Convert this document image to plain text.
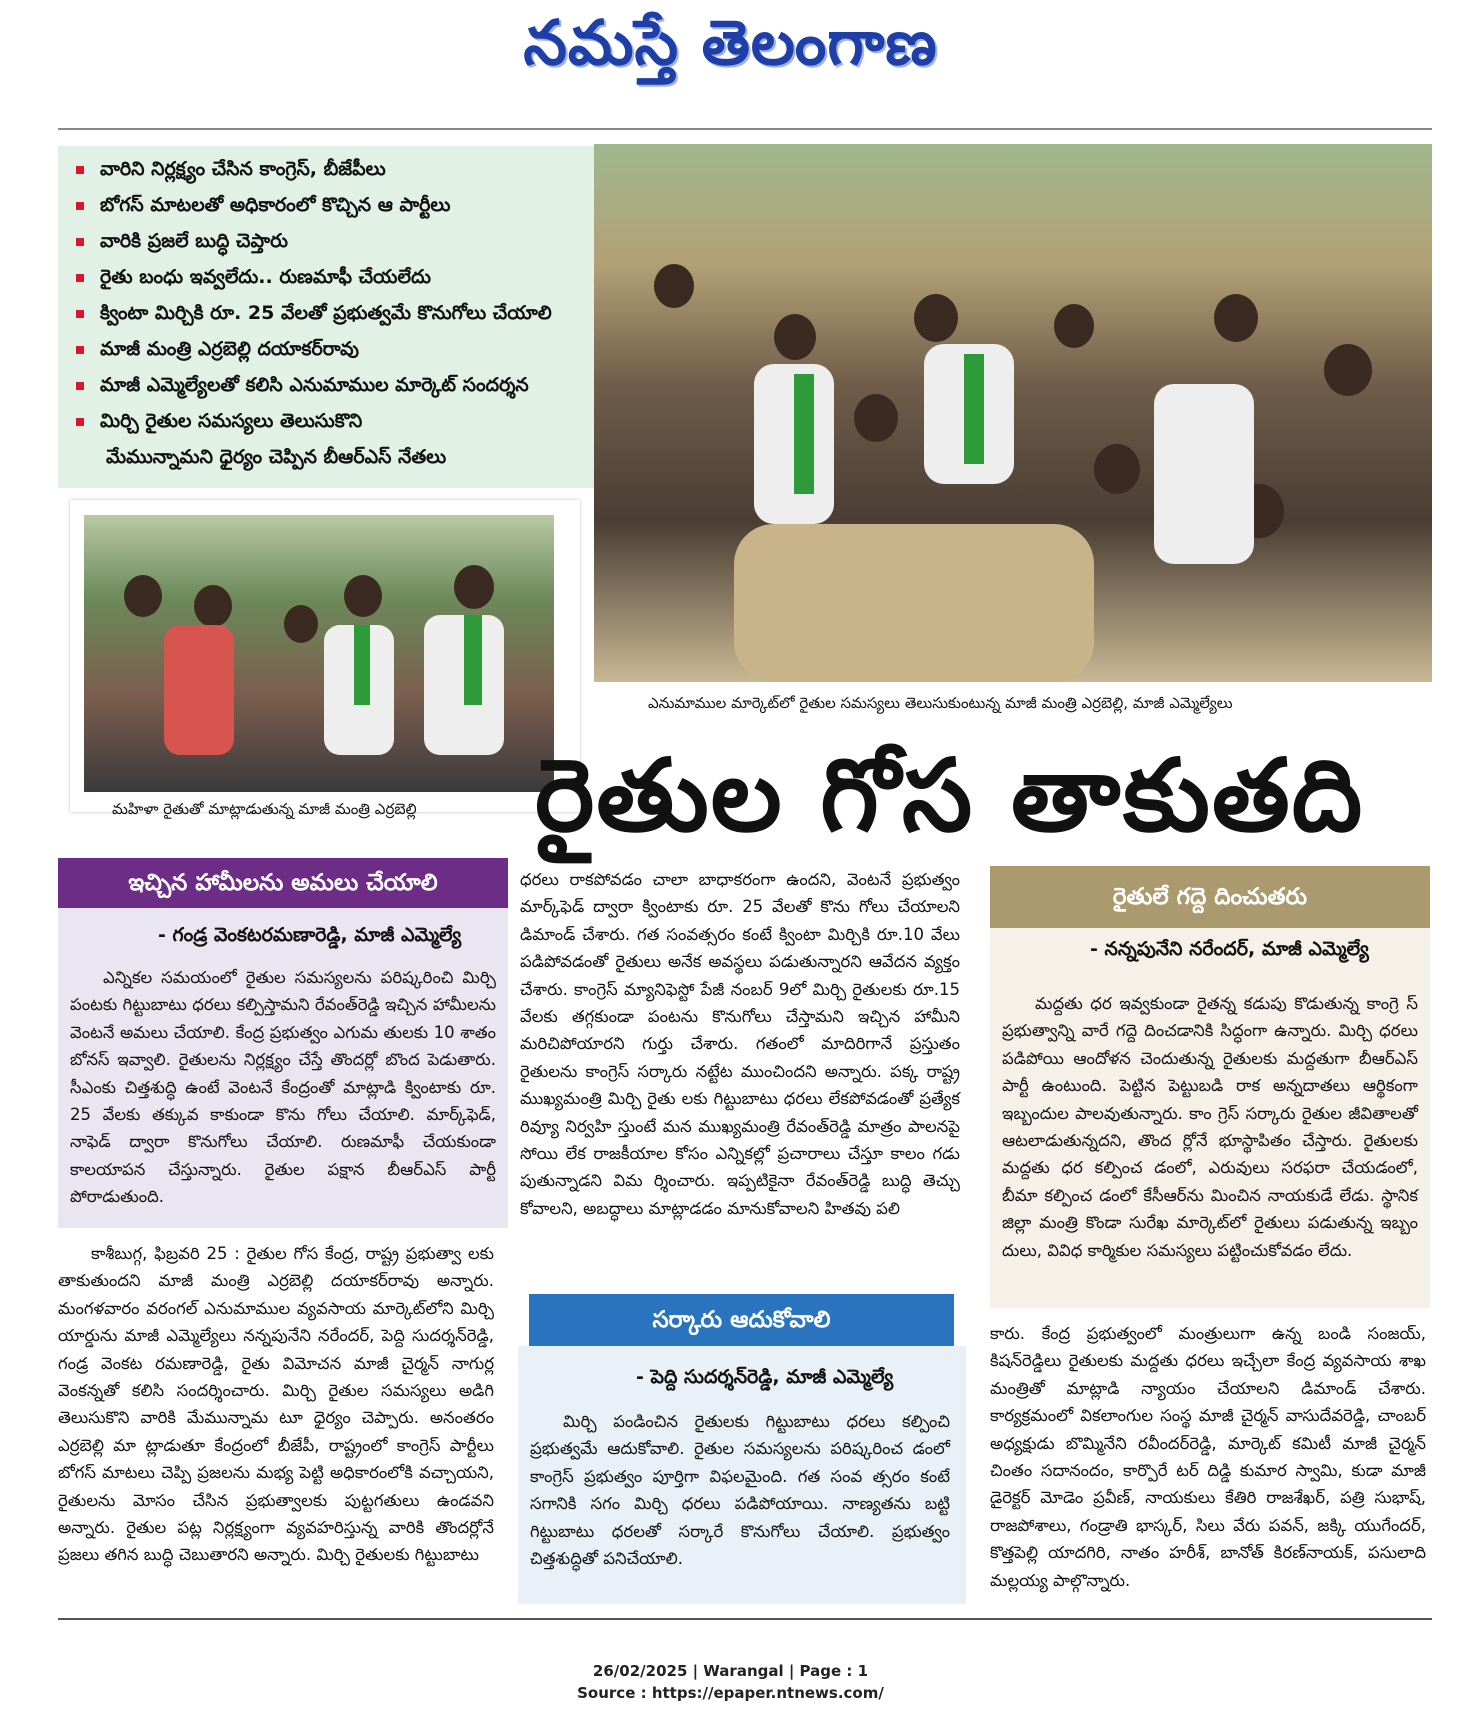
నమస్తే తెలంగాణ
వారిని నిర్లక్ష్యం చేసిన కాంగ్రెస్, బీజేపీలు
బోగస్ మాటలతో అధికారంలో కొచ్చిన ఆ పార్టీలు
వారికి ప్రజలే బుద్ధి చెప్తారు
రైతు బంధు ఇవ్వలేదు.. రుణమాఫీ చేయలేదు
క్వింటా మిర్చికి రూ. 25 వేలతో ప్రభుత్వమే కొనుగోలు చేయాలి
మాజీ మంత్రి ఎర్రబెల్లి దయాకర్‌రావు
మాజీ ఎమ్మెల్యేలతో కలిసి ఎనుమాముల మార్కెట్ సందర్శన
మిర్చి రైతుల సమస్యలు తెలుసుకొని
మేమున్నామని ధైర్యం చెప్పిన బీఆర్‌ఎస్ నేతలు
ఎనుమాముల మార్కెట్‌లో రైతుల సమస్యలు తెలుసుకుంటున్న మాజీ మంత్రి ఎర్రబెల్లి, మాజీ ఎమ్మెల్యేలు
మహిళా రైతుతో మాట్లాడుతున్న మాజీ మంత్రి ఎర్రబెల్లి రైతుల గోస తాకుతది
ఇచ్చిన హామీలను అమలు చేయాలి
- గండ్ర వెంకటరమణారెడ్డి, మాజీ ఎమ్మెల్యే
ఎన్నికల సమయంలో రైతుల సమస్యలను పరిష్కరించి మిర్చి పంటకు గిట్టుబాటు ధరలు కల్పిస్తామని రేవంత్‌రెడ్డి ఇచ్చిన హామీలను వెంటనే అమలు చేయాలి. కేంద్ర ప్రభుత్వం ఎగుమ తులకు 10 శాతం బోనస్ ఇవ్వాలి. రైతులను నిర్లక్ష్యం చేస్తే తొందర్లో బొంద పెడుతారు. సీఎంకు చిత్తశుద్ధి ఉంటే వెంటనే కేంద్రంతో మాట్లాడి క్వింటాకు రూ. 25 వేలకు తక్కువ కాకుండా కొను గోలు చేయాలి. మార్క్‌ఫెడ్, నాఫెడ్ ద్వారా కొనుగోలు చేయాలి. రుణమాఫీ చేయకుండా కాలయాపన చేస్తున్నారు. రైతుల పక్షాన బీఆర్‌ఎస్ పార్టీ పోరాడుతుంది.
కాశీబుగ్గ, ఫిబ్రవరి 25 : రైతుల గోస కేంద్ర, రాష్ట్ర ప్రభుత్వా లకు తాకుతుందని మాజీ మంత్రి ఎర్రబెల్లి దయాకర్‌రావు అన్నారు. మంగళవారం వరంగల్ ఎనుమాముల వ్యవసాయ మార్కెట్‌లోని మిర్చి యార్డును మాజీ ఎమ్మెల్యేలు నన్నపునేని నరేందర్, పెద్ది సుదర్శన్‌రెడ్డి, గండ్ర వెంకట రమణారెడ్డి, రైతు విమోచన మాజీ చైర్మన్ నాగుర్ల వెంకన్నతో కలిసి సందర్శించారు. మిర్చి రైతుల సమస్యలు అడిగి తెలుసుకొని వారికి మేమున్నామ టూ ధైర్యం చెప్పారు. అనంతరం ఎర్రబెల్లి మా ట్లాడుతూ కేంద్రంలో బీజేపీ, రాష్ట్రంలో కాంగ్రెస్ పార్టీలు బోగస్ మాటలు చెప్పి ప్రజలను మభ్య పెట్టి అధికారంలోకి వచ్చాయని, రైతులను మోసం చేసిన ప్రభుత్వాలకు పుట్టగతులు ఉండవని అన్నారు. రైతుల పట్ల నిర్లక్ష్యంగా వ్యవహరిస్తున్న వారికి తొందర్లోనే ప్రజలు తగిన బుద్ధి చెబుతారని అన్నారు. మిర్చి రైతులకు గిట్టుబాటు
ధరలు రాకపోవడం చాలా బాధాకరంగా ఉందని, వెంటనే ప్రభుత్వం మార్క్‌ఫెడ్ ద్వారా క్వింటాకు రూ. 25 వేలతో కొను గోలు చేయాలని డిమాండ్ చేశారు. గత సంవత్సరం కంటే క్వింటా మిర్చికి రూ.10 వేలు పడిపోవడంతో రైతులు అనేక అవస్థలు పడుతున్నారని ఆవేదన వ్యక్తం చేశారు. కాంగ్రెస్ మ్యానిఫెస్టో పేజీ నంబర్ 9లో మిర్చి రైతులకు రూ.15 వేలకు తగ్గకుండా పంటను కొనుగోలు చేస్తామని ఇచ్చిన హామీని మరిచిపోయారని గుర్తు చేశారు. గతంలో మాదిరిగానే ప్రస్తుతం రైతులను కాంగ్రెస్ సర్కారు నట్టేట ముంచిందని అన్నారు. పక్క రాష్ట్ర ముఖ్యమంత్రి మిర్చి రైతు లకు గిట్టుబాటు ధరలు లేకపోవడంతో ప్రత్యేక రివ్యూ నిర్వహి స్తుంటే మన ముఖ్యమంత్రి రేవంత్‌రెడ్డి మాత్రం పాలనపై సోయి లేక రాజకీయాల కోసం ఎన్నికల్లో ప్రచారాలు చేస్తూ కాలం గడు పుతున్నాడని విమ ర్శించారు. ఇప్పటికైనా రేవంత్‌రెడ్డి బుద్ధి తెచ్చు కోవాలని, అబద్ధాలు మాట్లాడడం మానుకోవాలని హితవు పలి
సర్కారు ఆదుకోవాలి
- పెద్ది సుదర్శన్‌రెడ్డి, మాజీ ఎమ్మెల్యే
మిర్చి పండించిన రైతులకు గిట్టుబాటు ధరలు కల్పించి ప్రభుత్వమే ఆదుకోవాలి. రైతుల సమస్యలను పరిష్కరించ డంలో కాంగ్రెస్ ప్రభుత్వం పూర్తిగా విఫలమైంది. గత సంవ త్సరం కంటే సగానికి సగం మిర్చి ధరలు పడిపోయాయి. నాణ్యతను బట్టి గిట్టుబాటు ధరలతో సర్కారే కొనుగోలు చేయాలి. ప్రభుత్వం చిత్తశుద్ధితో పనిచేయాలి.
రైతులే గద్దె దించుతరు
- నన్నపునేని నరేందర్, మాజీ ఎమ్మెల్యే
మద్దతు ధర ఇవ్వకుండా రైతన్న కడుపు కొడుతున్న కాంగ్రె స్ ప్రభుత్వాన్ని వారే గద్దె దించడానికి సిద్ధంగా ఉన్నారు. మిర్చి ధరలు పడిపోయి ఆందోళన చెందుతున్న రైతులకు మద్దతుగా బీఆర్‌ఎస్ పార్టీ ఉంటుంది. పెట్టిన పెట్టుబడి రాక అన్నదాతలు ఆర్థికంగా ఇబ్బందుల పాలవుతున్నారు. కాం గ్రెస్ సర్కారు రైతుల జీవితాలతో ఆటలాడుతున్నదని, తొంద ర్లోనే భూస్థాపితం చేస్తారు. రైతులకు మద్దతు ధర కల్పించ డంలో, ఎరువులు సరఫరా చేయడంలో, బీమా కల్పించ డంలో కేసీఆర్‌ను మించిన నాయకుడే లేడు. స్థానిక జిల్లా మంత్రి కొండా సురేఖ మార్కెట్‌లో రైతులు పడుతున్న ఇబ్బం దులు, వివిధ కార్మికుల సమస్యలు పట్టించుకోవడం లేదు.
కారు. కేంద్ర ప్రభుత్వంలో మంత్రులుగా ఉన్న బండి సంజయ్, కిషన్‌రెడ్డిలు రైతులకు మద్దతు ధరలు ఇచ్చేలా కేంద్ర వ్యవసాయ శాఖ మంత్రితో మాట్లాడి న్యాయం చేయాలని డిమాండ్ చేశారు. కార్యక్రమంలో వికలాంగుల సంస్థ మాజీ చైర్మన్ వాసుదేవరెడ్డి, చాంబర్ అధ్యక్షుడు బొమ్మినేని రవీందర్‌రెడ్డి, మార్కెట్ కమిటీ మాజీ చైర్మన్ చింతం సదానందం, కార్పొరే టర్ దిడ్డి కుమార స్వామి, కుడా మాజీ డైరెక్టర్ మోడెం ప్రవీణ్, నాయకులు కేతిరి రాజశేఖర్, పత్రి సుభాష్, రాజపోశాలు, గండ్రాతి భాస్కర్, సిలు వేరు పవన్, జక్కి యుగేందర్, కొత్తపెల్లి యాదగిరి, నాతం హరీశ్, బానోత్ కిరణ్‌నాయక్, పసులాది మల్లయ్య పాల్గొన్నారు.
26/02/2025 | Warangal | Page : 1
Source : https://epaper.ntnews.com/
